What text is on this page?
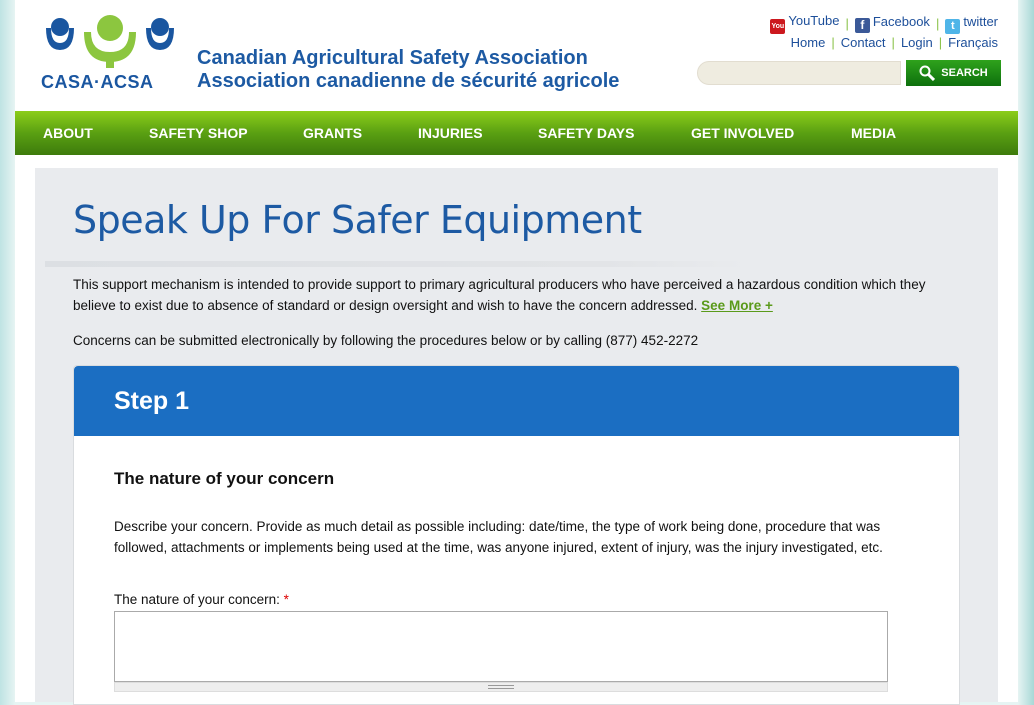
CASA·ACSA
Canadian Agricultural Safety Association
Association canadienne de sécurité agricole
You YouTube | f Facebook |	t twitter
Home | Contact | Login | Français
SEARCH
ABOUT	SAFETY SHOP	GRANTS	INJURIES	SAFETY DAYS	GET INVOLVED	MEDIA
Speak Up For Safer Equipment

This support mechanism is intended to provide support to primary agricultural producers who have perceived a hazardous condition which they believe to exist due to absence of standard or design oversight and wish to have the concern addressed. See More +

Concerns can be submitted electronically by following the procedures below or by calling (877) 452-2272

Step 1
The nature of your concern
Describe your concern. Provide as much detail as possible including: date/time, the type of work being done, procedure that was followed, attachments or implements being used at the time, was anyone injured, extent of injury, was the injury investigated, etc.
The nature of your concern: *
